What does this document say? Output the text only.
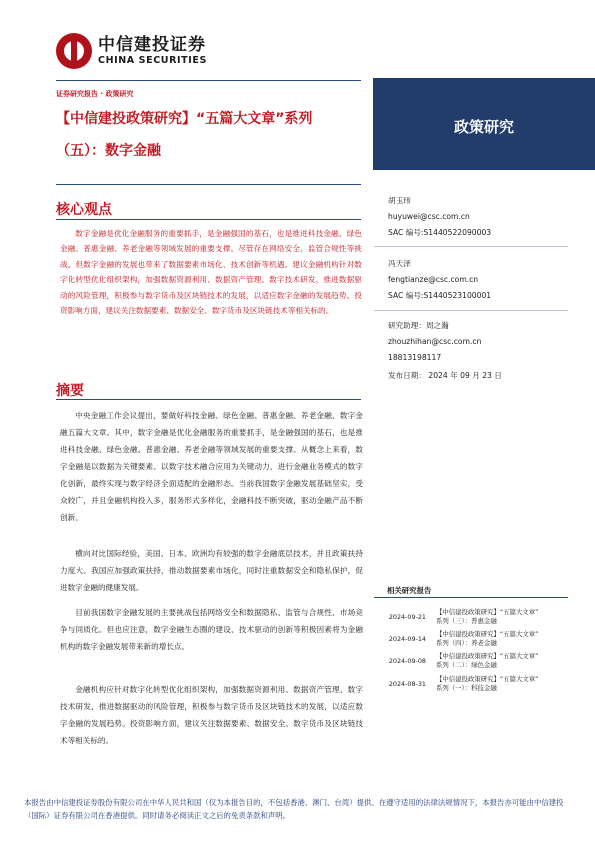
中信建投证券
CHINA SECURITIES
政策研究
证券研究报告 · 政策研究
【中信建投政策研究】“五篇大文章”系列
（五）：数字金融
核心观点
数字金融是优化金融服务的重要抓手，是金融强国的基石，也是推进科技金融、绿色金融、普惠金融、养老金融等领域发展的重要支撑。尽管存在网络安全、监管合规性等挑战，但数字金融的发展也带来了数据要素市场化、技术创新等机遇。建议金融机构针对数字化转型优化组织架构，加强数据资源利用、数据资产管理、数字技术研发，推进数据驱动的风险管理，积极参与数字货币及区块链技术的发展，以适应数字金融的发展趋势。投资影响方面，建议关注数据要素、数据安全、数字货币及区块链技术等相关标的。
摘要
中央金融工作会议提出，要做好科技金融、绿色金融、普惠金融、养老金融、数字金融五篇大文章。其中，数字金融是优化金融服务的重要抓手，是金融强国的基石，也是推进科技金融、绿色金融、普惠金融、养老金融等领域发展的重要支撑。从概念上来看，数字金融是以数据为关键要素、以数字技术融合应用为关键动力，进行金融业务模式的数字化创新，最终实现与数字经济全面适配的金融形态。当前我国数字金融发展基础坚实，受众较广，并且金融机构投入多，服务形式多样化，金融科技不断突破，驱动金融产品不断创新。
横向对比国际经验，美国、日本、欧洲均有较强的数字金融底层技术，并且政策扶持力度大。我国应加强政策扶持，推动数据要素市场化，同时注重数据安全和隐私保护，促进数字金融的健康发展。
目前我国数字金融发展的主要挑战包括网络安全和数据隐私、监管与合规性、市场竞争与同质化。但也应注意，数字金融生态圈的建设、技术驱动的创新等积极因素将为金融机构的数字金融发展带来新的增长点。
金融机构应针对数字化转型优化组织架构，加强数据资源利用、数据资产管理、数字技术研发，推进数据驱动的风险管理，积极参与数字货币及区块链技术的发展，以适应数字金融的发展趋势。投资影响方面，建议关注数据要素、数据安全、数字货币及区块链技术等相关标的。
胡玉玮
huyuwei@csc.com.cn
SAC 编号:S1440522090003
冯天泽
fengtianze@csc.com.cn
SAC 编号:S1440523100001
研究助理：周之瀚
zhouzhihan@csc.com.cn
18813198117
发布日期： 2024 年 09 月 23 日
相关研究报告
2024-09-21
【中信建投政策研究】“五篇大文章”
系列（三）：普惠金融
2024-09-14
【中信建投政策研究】“五篇大文章”
系列（四）：养老金融
2024-09-08
【中信建投政策研究】“五篇大文章”
系列（二）：绿色金融
2024-08-31
【中信建投政策研究】“五篇大文章”
系列（一）：科技金融
本报告由中信建投证券股份有限公司在中华人民共和国（仅为本报告目的，不包括香港、澳门、台湾）提供。在遵守适用的法律法规情况下，本报告亦可能由中信建投（国际）证券有限公司在香港提供。同时请务必阅读正文之后的免责条款和声明。
